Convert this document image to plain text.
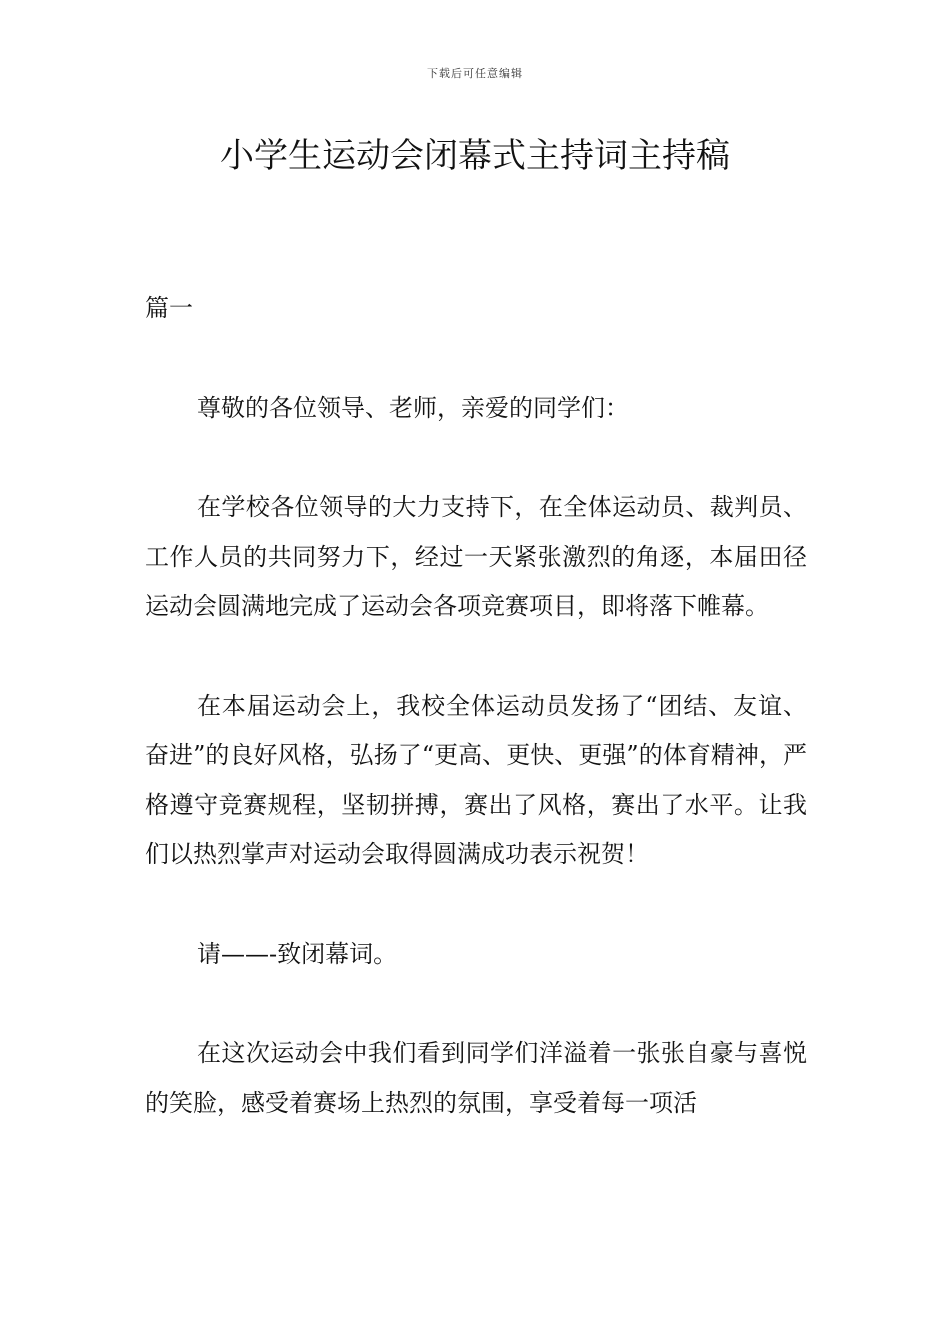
下载后可任意编辑
小学生运动会闭幕式主持词主持稿

篇一

尊敬的各位领导、老师，亲爱的同学们：

在学校各位领导的大力支持下，在全体运动员、裁判员、工作人员的共同努力下，经过一天紧张激烈的角逐，本届田径运动会圆满地完成了运动会各项竞赛项目，即将落下帷幕。

在本届运动会上，我校全体运动员发扬了“团结、友谊、奋进”的良好风格，弘扬了“更高、更快、更强”的体育精神，严格遵守竞赛规程，坚韧拼搏，赛出了风格，赛出了水平。让我们以热烈掌声对运动会取得圆满成功表示祝贺！

请——-致闭幕词。

在这次运动会中我们看到同学们洋溢着一张张自豪与喜悦的笑脸，感受着赛场上热烈的氛围，享受着每一项活
